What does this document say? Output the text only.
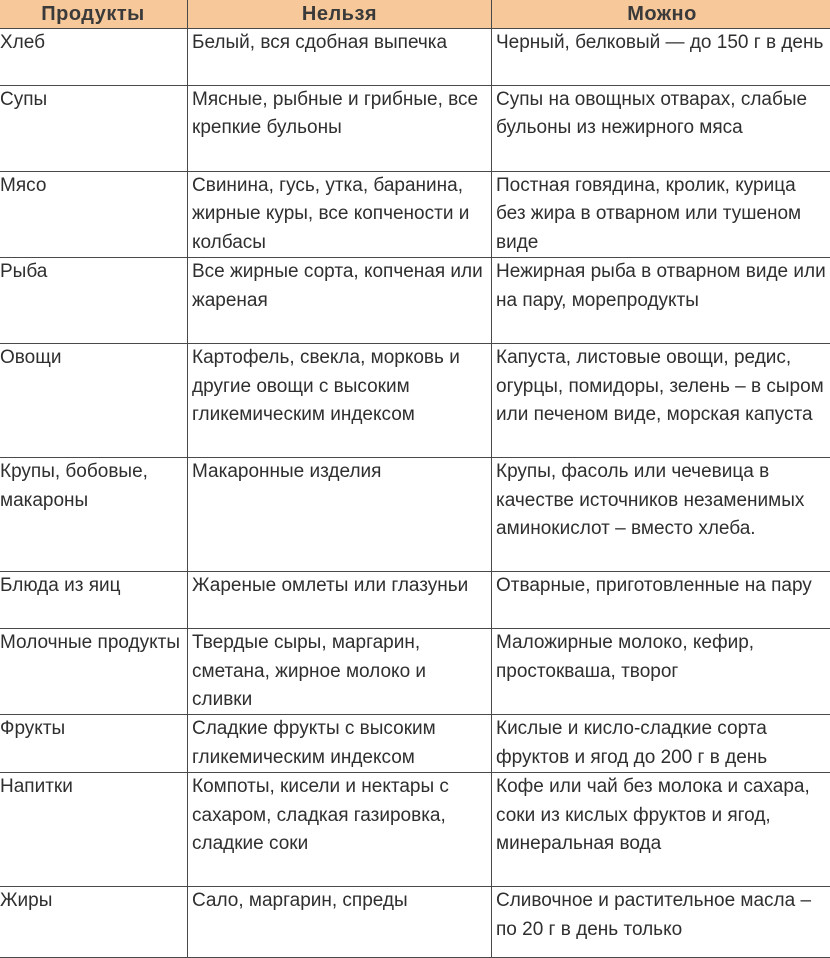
Продукты	Нельзя	Можно
Хлеб	Белый, вся сдобная выпечка	Черный, белковый — до 150 г в день
Супы	Мясные, рыбные и грибные, все крепкие бульоны	Супы на овощных отварах, слабые бульоны из нежирного мяса
Мясо	Свинина, гусь, утка, баранина, жирные куры, все копчености и колбасы	Постная говядина, кролик, курица без жира в отварном или тушеном виде
Рыба	Все жирные сорта, копченая или жареная	Нежирная рыба в отварном виде или на пару, морепродукты
Овощи	Картофель, свекла, морковь и другие овощи с высоким гликемическим индексом	Капуста, листовые овощи, редис, огурцы, помидоры, зелень – в сыром или печеном виде, морская капуста
Крупы, бобовые, макароны	Макаронные изделия	Крупы, фасоль или чечевица в качестве источников незаменимых аминокислот – вместо хлеба.
Блюда из яиц	Жареные омлеты или глазуньи	Отварные, приготовленные на пару
Молочные продукты	Твердые сыры, маргарин, сметана, жирное молоко и сливки	Маложирные молоко, кефир, простокваша, творог
Фрукты	Сладкие фрукты с высоким гликемическим индексом	Кислые и кисло-сладкие сорта фруктов и ягод до 200 г в день
Напитки	Компоты, кисели и нектары с сахаром, сладкая газировка, сладкие соки	Кофе или чай без молока и сахара, соки из кислых фруктов и ягод, минеральная вода
Жиры	Сало, маргарин, спреды	Сливочное и растительное масла – по 20 г в день только
